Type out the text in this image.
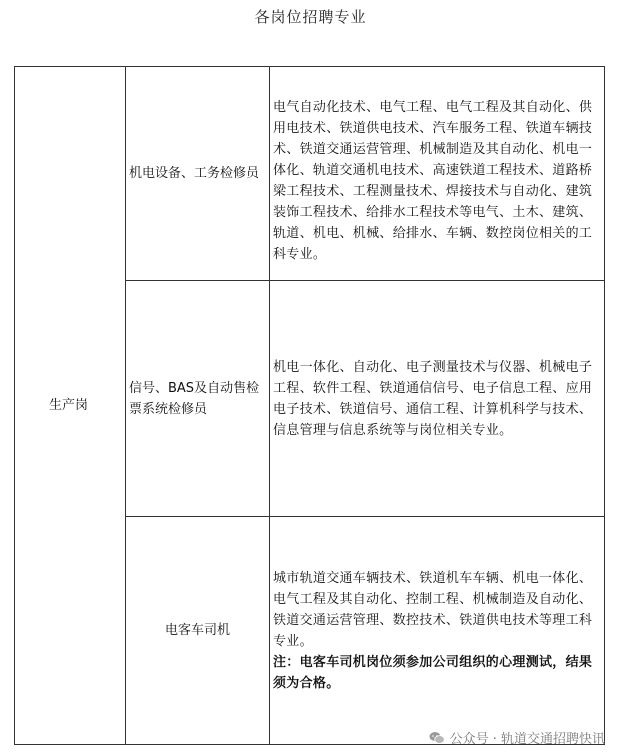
各岗位招聘专业
生产岗	机电设备、工务检修员	电气自动化技术、电气工程、电气工程及其自动化、供用电技术、铁道供电技术、汽车服务工程、铁道车辆技术、铁道交通运营管理、机械制造及其自动化、机电一体化、轨道交通机电技术、高速铁道工程技术、道路桥梁工程技术、工程测量技术、焊接技术与自动化、建筑装饰工程技术、给排水工程技术等电气、土木、建筑、轨道、机电、机械、给排水、车辆、数控岗位相关的工科专业。
	信号、BAS及自动售检票系统检修员	机电一体化、自动化、电子测量技术与仪器、机械电子工程、软件工程、铁道通信信号、电子信息工程、应用电子技术、铁道信号、通信工程、计算机科学与技术、信息管理与信息系统等与岗位相关专业。
	电客车司机	城市轨道交通车辆技术、铁道机车车辆、机电一体化、电气工程及其自动化、控制工程、机械制造及自动化、铁道交通运营管理、数控技术、铁道供电技术等理工科专业。
注：电客车司机岗位须参加公司组织的心理测试，结果须为合格。
公众号 · 轨道交通招聘快讯
